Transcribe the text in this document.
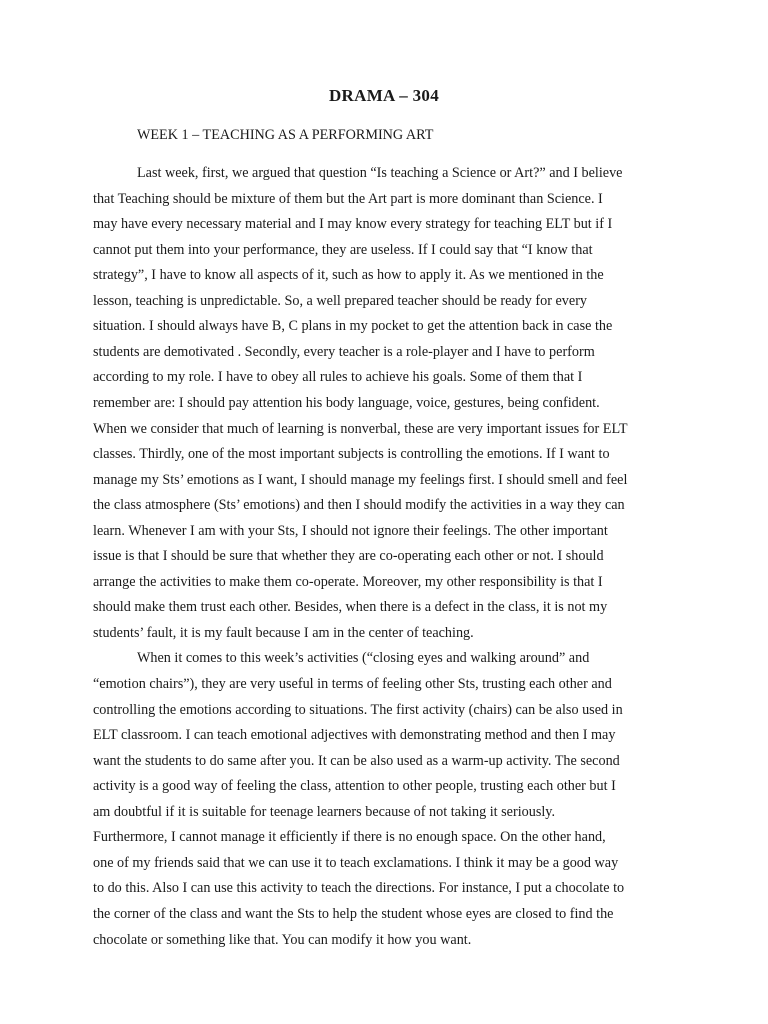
DRAMA – 304
WEEK 1 – TEACHING AS A PERFORMING ART
Last week, first, we argued that question “Is teaching a Science or Art?” and I believe
that Teaching should be mixture of them but the Art part is more dominant than Science. I
may have every necessary material and I may know every strategy for teaching ELT but if I
cannot put them into your performance, they are useless. If I could say that “I know that
strategy”, I have to know all aspects of it, such as how to apply it. As we mentioned in the
lesson, teaching is unpredictable. So, a well prepared teacher should be ready for every
situation. I should always have B, C plans in my pocket to get the attention back in case the
students are demotivated . Secondly, every teacher is a role-player and I have to perform
according to my role. I have to obey all rules to achieve his goals. Some of them that I
remember are: I should pay attention his body language, voice, gestures, being confident.
When we consider that much of learning is nonverbal, these are very important issues for ELT
classes. Thirdly, one of the most important subjects is controlling the emotions. If I want to
manage my Sts’ emotions as I want, I should manage my feelings first. I should smell and feel
the class atmosphere (Sts’ emotions) and then I should modify the activities in a way they can
learn. Whenever I am with your Sts, I should not ignore their feelings. The other important
issue is that I should be sure that whether they are co-operating each other or not. I should
arrange the activities to make them co-operate. Moreover, my other responsibility is that I
should make them trust each other. Besides, when there is a defect in the class, it is not my
students’ fault, it is my fault because I am in the center of teaching.
When it comes to this week’s activities (“closing eyes and walking around” and
“emotion chairs”), they are very useful in terms of feeling other Sts, trusting each other and
controlling the emotions according to situations. The first activity (chairs) can be also used in
ELT classroom. I can teach emotional adjectives with demonstrating method and then I may
want the students to do same after you. It can be also used as a warm-up activity. The second
activity is a good way of feeling the class, attention to other people, trusting each other but I
am doubtful if it is suitable for teenage learners because of not taking it seriously.
Furthermore, I cannot manage it efficiently if there is no enough space. On the other hand,
one of my friends said that we can use it to teach exclamations. I think it may be a good way
to do this. Also I can use this activity to teach the directions. For instance, I put a chocolate to
the corner of the class and want the Sts to help the student whose eyes are closed to find the
chocolate or something like that. You can modify it how you want.
